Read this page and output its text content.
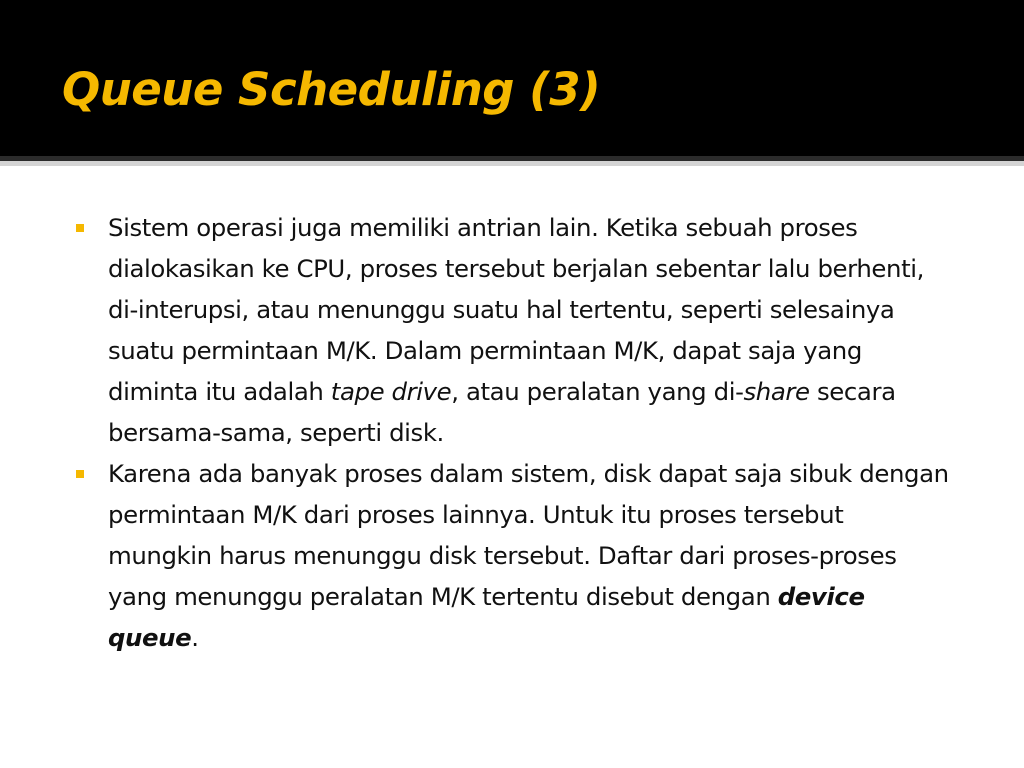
Queue Scheduling (3)
Sistem operasi juga memiliki antrian lain. Ketika sebuah proses dialokasikan ke CPU, proses tersebut berjalan sebentar lalu berhenti, di-interupsi, atau menunggu suatu hal tertentu, seperti selesainya suatu permintaan M/K. Dalam permintaan M/K, dapat saja yang diminta itu adalah tape drive, atau peralatan yang di-share secara bersama-sama, seperti disk.
Karena ada banyak proses dalam sistem, disk dapat saja sibuk dengan permintaan M/K dari proses lainnya. Untuk itu proses tersebut mungkin harus menunggu disk tersebut. Daftar dari proses-proses yang menunggu peralatan M/K tertentu disebut dengan device queue.
